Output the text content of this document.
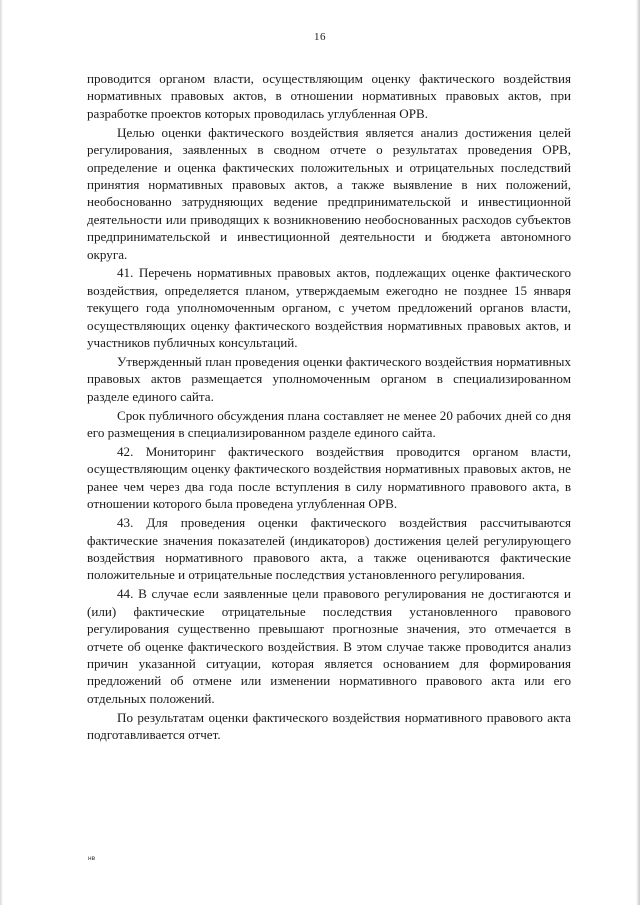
16

проводится органом власти, осуществляющим оценку фактического воздействия нормативных правовых актов, в отношении нормативных правовых актов, при разработке проектов которых проводилась углубленная ОРВ.

Целью оценки фактического воздействия является анализ достижения целей регулирования, заявленных в сводном отчете о результатах проведения ОРВ, определение и оценка фактических положительных и отрицательных последствий принятия нормативных правовых актов, а также выявление в них положений, необоснованно затрудняющих ведение предпринимательской и инвестиционной деятельности или приводящих к возникновению необоснованных расходов субъектов предпринимательской и инвестиционной деятельности и бюджета автономного округа.

41. Перечень нормативных правовых актов, подлежащих оценке фактического воздействия, определяется планом, утверждаемым ежегодно не позднее 15 января текущего года уполномоченным органом, с учетом предложений органов власти, осуществляющих оценку фактического воздействия нормативных правовых актов, и участников публичных консультаций.

Утвержденный план проведения оценки фактического воздействия нормативных правовых актов размещается уполномоченным органом в специализированном разделе единого сайта.

Срок публичного обсуждения плана составляет не менее 20 рабочих дней со дня его размещения в специализированном разделе единого сайта.

42. Мониторинг фактического воздействия проводится органом власти, осуществляющим оценку фактического воздействия нормативных правовых актов, не ранее чем через два года после вступления в силу нормативного правового акта, в отношении которого была проведена углубленная ОРВ.

43. Для проведения оценки фактического воздействия рассчитываются фактические значения показателей (индикаторов) достижения целей регулирующего воздействия нормативного правового акта, а также оцениваются фактические положительные и отрицательные последствия установленного регулирования.

44. В случае если заявленные цели правового регулирования не достигаются и (или) фактические отрицательные последствия установленного правового регулирования существенно превышают прогнозные значения, это отмечается в отчете об оценке фактического воздействия. В этом случае также проводится анализ причин указанной ситуации, которая является основанием для формирования предложений об отмене или изменении нормативного правового акта или его отдельных положений.

По результатам оценки фактического воздействия нормативного правового акта подготавливается отчет.

нв
